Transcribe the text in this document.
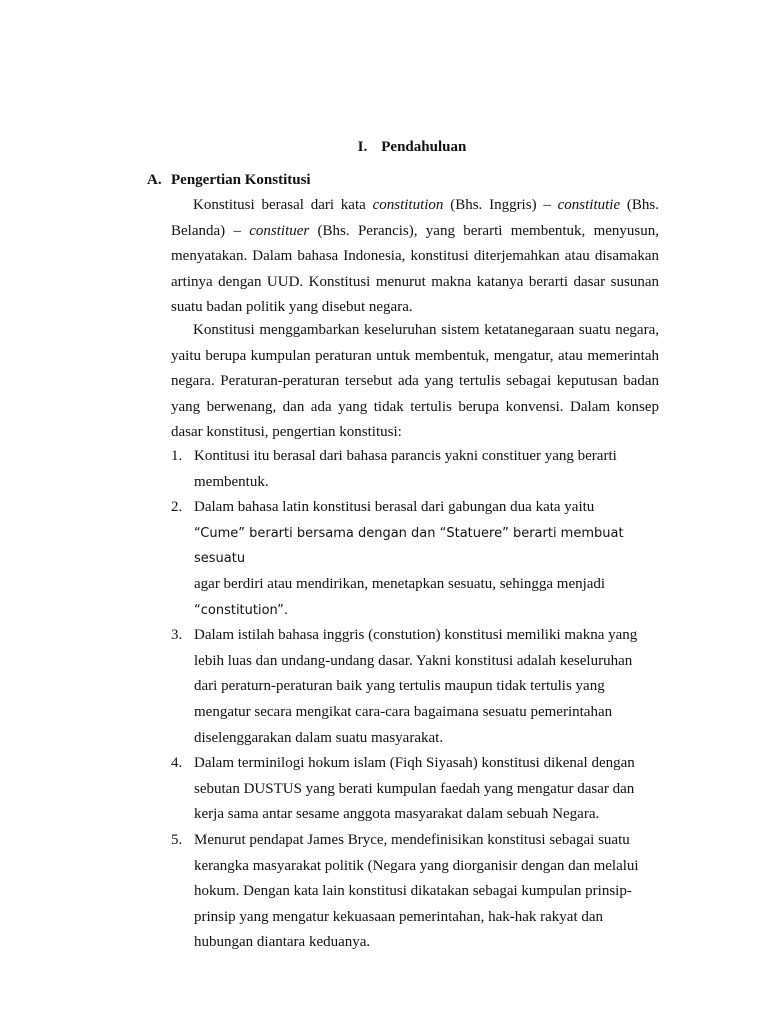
I. Pendahuluan
A. Pengertian Konstitusi

Konstitusi berasal dari kata constitution (Bhs. Inggris) – constitutie (Bhs. Belanda) – constituer (Bhs. Perancis), yang berarti membentuk, menyusun, menyatakan. Dalam bahasa Indonesia, konstitusi diterjemahkan atau disamakan artinya dengan UUD. Konstitusi menurut makna katanya berarti dasar susunan suatu badan politik yang disebut negara.

Konstitusi menggambarkan keseluruhan sistem ketatanegaraan suatu negara, yaitu berupa kumpulan peraturan untuk membentuk, mengatur, atau memerintah negara. Peraturan-peraturan tersebut ada yang tertulis sebagai keputusan badan yang berwenang, dan ada yang tidak tertulis berupa konvensi. Dalam konsep dasar konstitusi, pengertian konstitusi:

1. Kontitusi itu berasal dari bahasa parancis yakni constituer yang berarti
membentuk.
2. Dalam bahasa latin konstitusi berasal dari gabungan dua kata yaitu
“Cume” berarti bersama dengan dan “Statuere” berarti membuat sesuatu
agar berdiri atau mendirikan, menetapkan sesuatu, sehingga menjadi
“constitution”.
3. Dalam istilah bahasa inggris (constution) konstitusi memiliki makna yang
lebih luas dan undang-undang dasar. Yakni konstitusi adalah keseluruhan
dari peraturn-peraturan baik yang tertulis maupun tidak tertulis yang
mengatur secara mengikat cara-cara bagaimana sesuatu pemerintahan
diselenggarakan dalam suatu masyarakat.
4. Dalam terminilogi hokum islam (Fiqh Siyasah) konstitusi dikenal dengan
sebutan DUSTUS yang berati kumpulan faedah yang mengatur dasar dan
kerja sama antar sesame anggota masyarakat dalam sebuah Negara.
5. Menurut pendapat James Bryce, mendefinisikan konstitusi sebagai suatu
kerangka masyarakat politik (Negara yang diorganisir dengan dan melalui
hokum. Dengan kata lain konstitusi dikatakan sebagai kumpulan prinsip-
prinsip yang mengatur kekuasaan pemerintahan, hak-hak rakyat dan
hubungan diantara keduanya.
